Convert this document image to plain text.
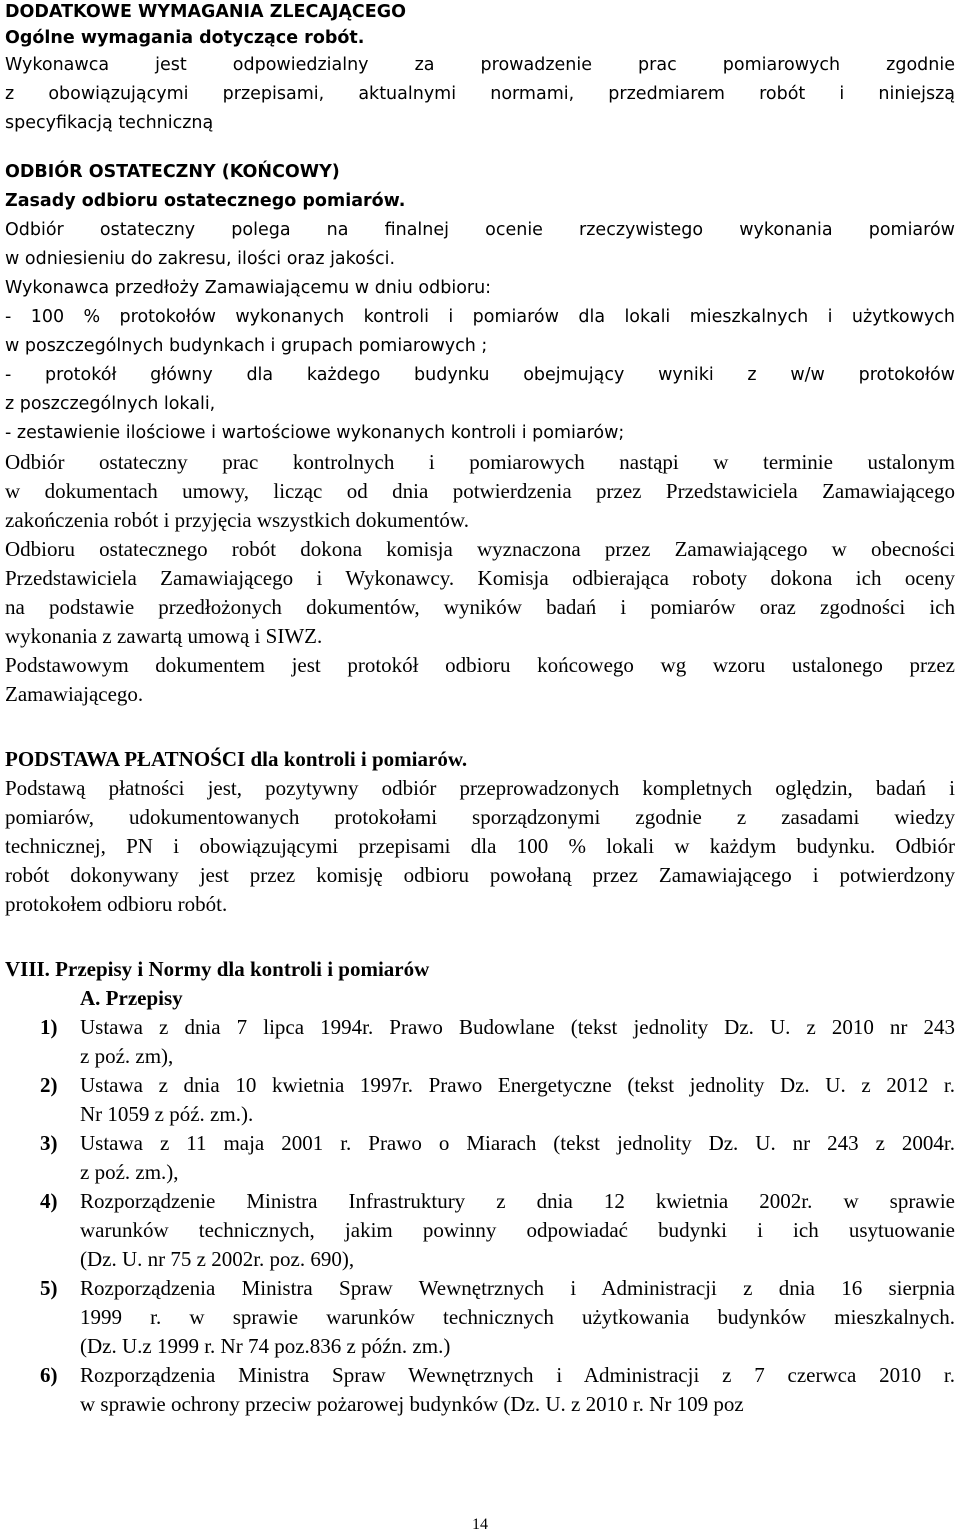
DODATKOWE WYMAGANIA ZLECAJĄCEGO
Ogólne wymagania dotyczące robót.
Wykonawca jest odpowiedzialny za prowadzenie prac pomiarowych zgodnie
z obowiązującymi przepisami, aktualnymi normami, przedmiarem robót i niniejszą
specyfikacją techniczną
ODBIÓR OSTATECZNY (KOŃCOWY)
Zasady odbioru ostatecznego pomiarów.
Odbiór ostateczny polega na finalnej ocenie rzeczywistego wykonania pomiarów
w odniesieniu do zakresu, ilości oraz jakości.
Wykonawca przedłoży Zamawiającemu w dniu odbioru:
- 100 % protokołów wykonanych kontroli i pomiarów dla lokali mieszkalnych i użytkowych
w poszczególnych budynkach i grupach pomiarowych ;
- protokół główny dla każdego budynku obejmujący wyniki z w/w protokołów
z poszczególnych lokali,
- zestawienie ilościowe i wartościowe wykonanych kontroli i pomiarów;
Odbiór ostateczny prac kontrolnych i pomiarowych nastąpi w terminie ustalonym
w dokumentach umowy, licząc od dnia potwierdzenia przez Przedstawiciela Zamawiającego
zakończenia robót i przyjęcia wszystkich dokumentów.
Odbioru ostatecznego robót dokona komisja wyznaczona przez Zamawiającego w obecności
Przedstawiciela Zamawiającego i Wykonawcy. Komisja odbierająca roboty dokona ich oceny
na podstawie przedłożonych dokumentów, wyników badań i pomiarów oraz zgodności ich
wykonania z zawartą umową i SIWZ.
Podstawowym dokumentem jest protokół odbioru końcowego wg wzoru ustalonego przez
Zamawiającego.
PODSTAWA PŁATNOŚCI dla kontroli i pomiarów.
Podstawą płatności jest, pozytywny odbiór przeprowadzonych kompletnych oględzin, badań i
pomiarów, udokumentowanych protokołami sporządzonymi zgodnie z zasadami wiedzy
technicznej, PN i obowiązującymi przepisami dla 100 % lokali w każdym budynku. Odbiór
robót dokonywany jest przez komisję odbioru powołaną przez Zamawiającego i potwierdzony
protokołem odbioru robót.
VIII. Przepisy i Normy dla kontroli i pomiarów
A. Przepisy
1) Ustawa z dnia 7 lipca 1994r. Prawo Budowlane (tekst jednolity Dz. U. z 2010 nr 243
z poź. zm),
2) Ustawa z dnia 10 kwietnia 1997r. Prawo Energetyczne (tekst jednolity Dz. U. z 2012 r.
Nr 1059 z póź. zm.).
3) Ustawa z 11 maja 2001 r. Prawo o Miarach (tekst jednolity Dz. U. nr 243 z 2004r.
z poź. zm.),
4) Rozporządzenie Ministra Infrastruktury z dnia 12 kwietnia 2002r. w sprawie
warunków technicznych, jakim powinny odpowiadać budynki i ich usytuowanie
(Dz. U. nr 75 z 2002r. poz. 690),
5) Rozporządzenia Ministra Spraw Wewnętrznych i Administracji z dnia 16 sierpnia
1999 r. w sprawie warunków technicznych użytkowania budynków mieszkalnych.
(Dz. U.z 1999 r. Nr 74 poz.836 z późn. zm.)
6) Rozporządzenia Ministra Spraw Wewnętrznych i Administracji z 7 czerwca 2010 r.
w sprawie ochrony przeciw pożarowej budynków (Dz. U. z 2010 r. Nr 109 poz
14
